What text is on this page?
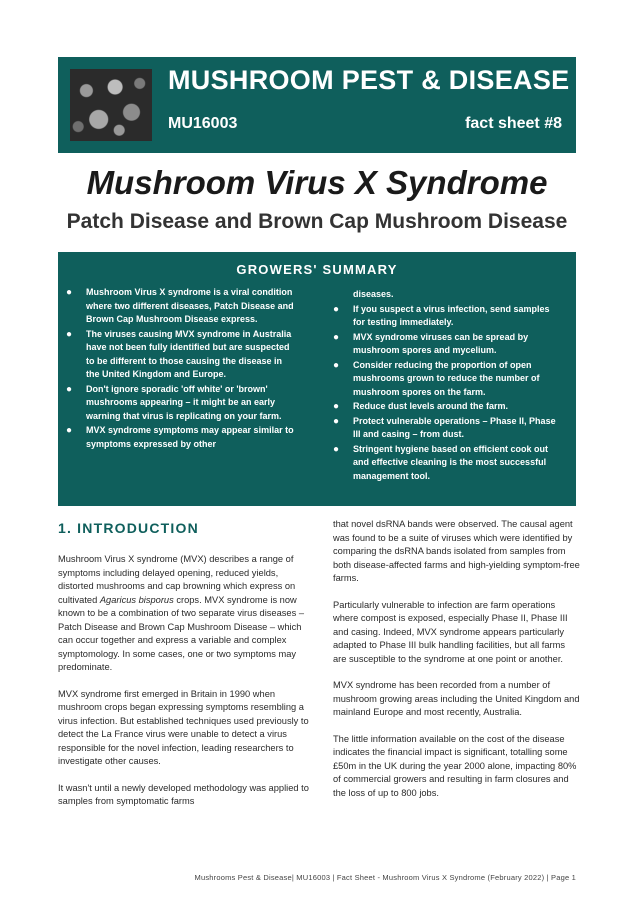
MUSHROOM PEST & DISEASE
MU16003	fact sheet #8
Mushroom Virus X Syndrome
Patch Disease and Brown Cap Mushroom Disease
GROWERS' SUMMARY
●	Mushroom Virus X syndrome is a viral condition where two different diseases, Patch Disease and Brown Cap Mushroom Disease express.
●	The viruses causing MVX syndrome in Australia have not been fully identified but are suspected to be different to those causing the disease in the United Kingdom and Europe.
●	Don't ignore sporadic 'off white' or 'brown' mushrooms appearing – it might be an early warning that virus is replicating on your farm.
●	MVX syndrome symptoms may appear similar to symptoms expressed by other
diseases.
●	If you suspect a virus infection, send samples for testing immediately.
●	MVX syndrome viruses can be spread by mushroom spores and mycelium.
●	Consider reducing the proportion of open mushrooms grown to reduce the number of mushroom spores on the farm.
●	Reduce dust levels around the farm.
●	Protect vulnerable operations – Phase II, Phase III and casing – from dust.
●	Stringent hygiene based on efficient cook out and effective cleaning is the most successful management tool.
1. INTRODUCTION

Mushroom Virus X syndrome (MVX) describes a range of symptoms including delayed opening, reduced yields, distorted mushrooms and cap browning which express on cultivated Agaricus bisporus crops. MVX syndrome is now known to be a combination of two separate virus diseases – Patch Disease and Brown Cap Mushroom Disease – which can occur together and express a variable and complex symptomology. In some cases, one or two symptoms may predominate.

MVX syndrome first emerged in Britain in 1990 when mushroom crops began expressing symptoms resembling a virus infection. But established techniques used previously to detect the La France virus were unable to detect a virus responsible for the novel infection, leading researchers to investigate other causes.

It wasn't until a newly developed methodology was applied to samples from symptomatic farms

that novel dsRNA bands were observed. The causal agent was found to be a suite of viruses which were identified by comparing the dsRNA bands isolated from samples from both disease-affected farms and high-yielding symptom-free farms.

Particularly vulnerable to infection are farm operations where compost is exposed, especially Phase II, Phase III and casing. Indeed, MVX syndrome appears particularly adapted to Phase III bulk handling facilities, but all farms are susceptible to the syndrome at one point or another.

MVX syndrome has been recorded from a number of mushroom growing areas including the United Kingdom and mainland Europe and most recently, Australia.

The little information available on the cost of the disease indicates the financial impact is significant, totalling some £50m in the UK during the year 2000 alone, impacting 80% of commercial growers and resulting in farm closures and the loss of up to 800 jobs.

Mushrooms Pest & Disease| MU16003 | Fact Sheet - Mushroom Virus X Syndrome (February 2022) | Page 1
